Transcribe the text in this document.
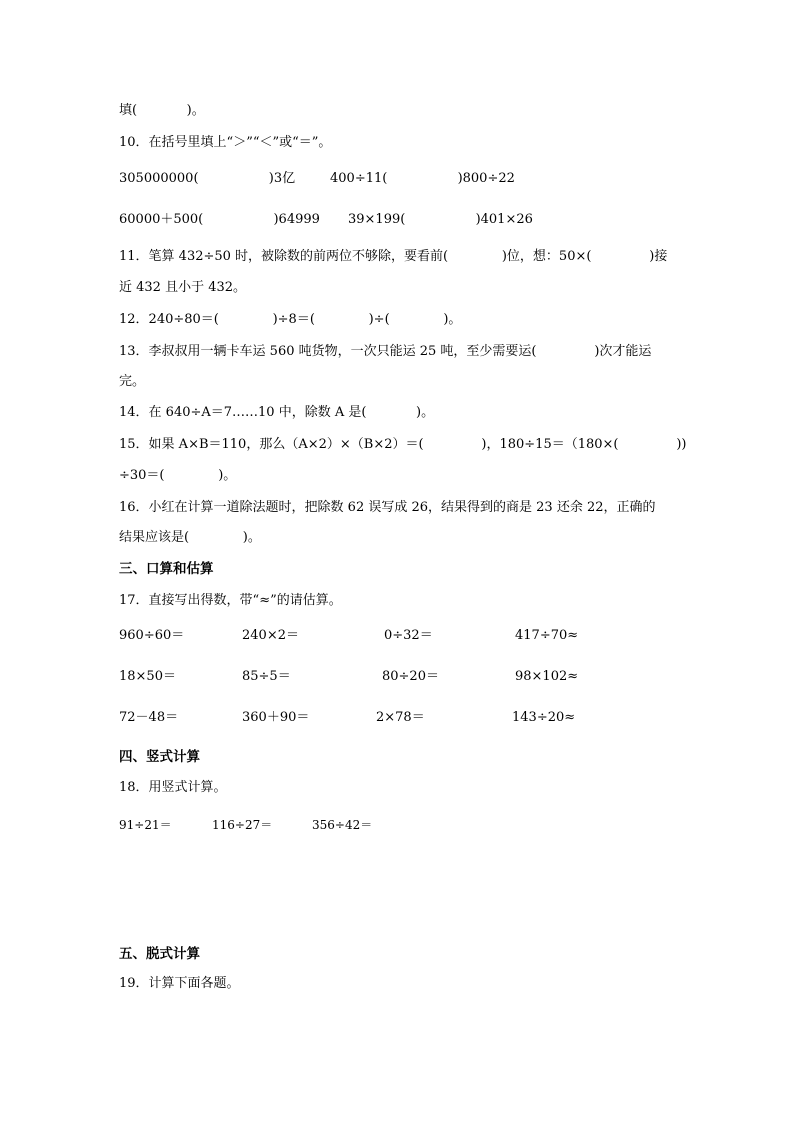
填(            )。
10．在括号里填上“＞”“＜”或“＝”。
305000000(                 )3亿	400÷11(                 )800÷22
60000＋500(                 )64999 39×199(                 )401×26
11．笔算 432÷50 时，被除数的前两位不够除，要看前(             )位，想：50×(              )接
近 432 且小于 432。
12．240÷80＝(             )÷8＝(             )÷(             )。
13．李叔叔用一辆卡车运 560 吨货物，一次只能运 25 吨，至少需要运(              )次才能运
完。
14．在 640÷A＝7……10 中，除数 A 是(            )。
15．如果 A×B＝110，那么（A×2）×（B×2）＝(              )，180÷15＝（180×(              ))
÷30＝(             )。
16．小红在计算一道除法题时，把除数 62 误写成 26，结果得到的商是 23 还余 22，正确的
结果应该是(             )。
三、口算和估算
17．直接写出得数，带“≈”的请估算。
960÷60＝	240×2＝	0÷32＝	417÷70≈
18×50＝	85÷5＝	80÷20＝	98×102≈
72－48＝	360＋90＝	2×78＝	143÷20≈
四、竖式计算
18．用竖式计算。
91÷21＝	116÷27＝	356÷42＝
五、脱式计算
19．计算下面各题。
